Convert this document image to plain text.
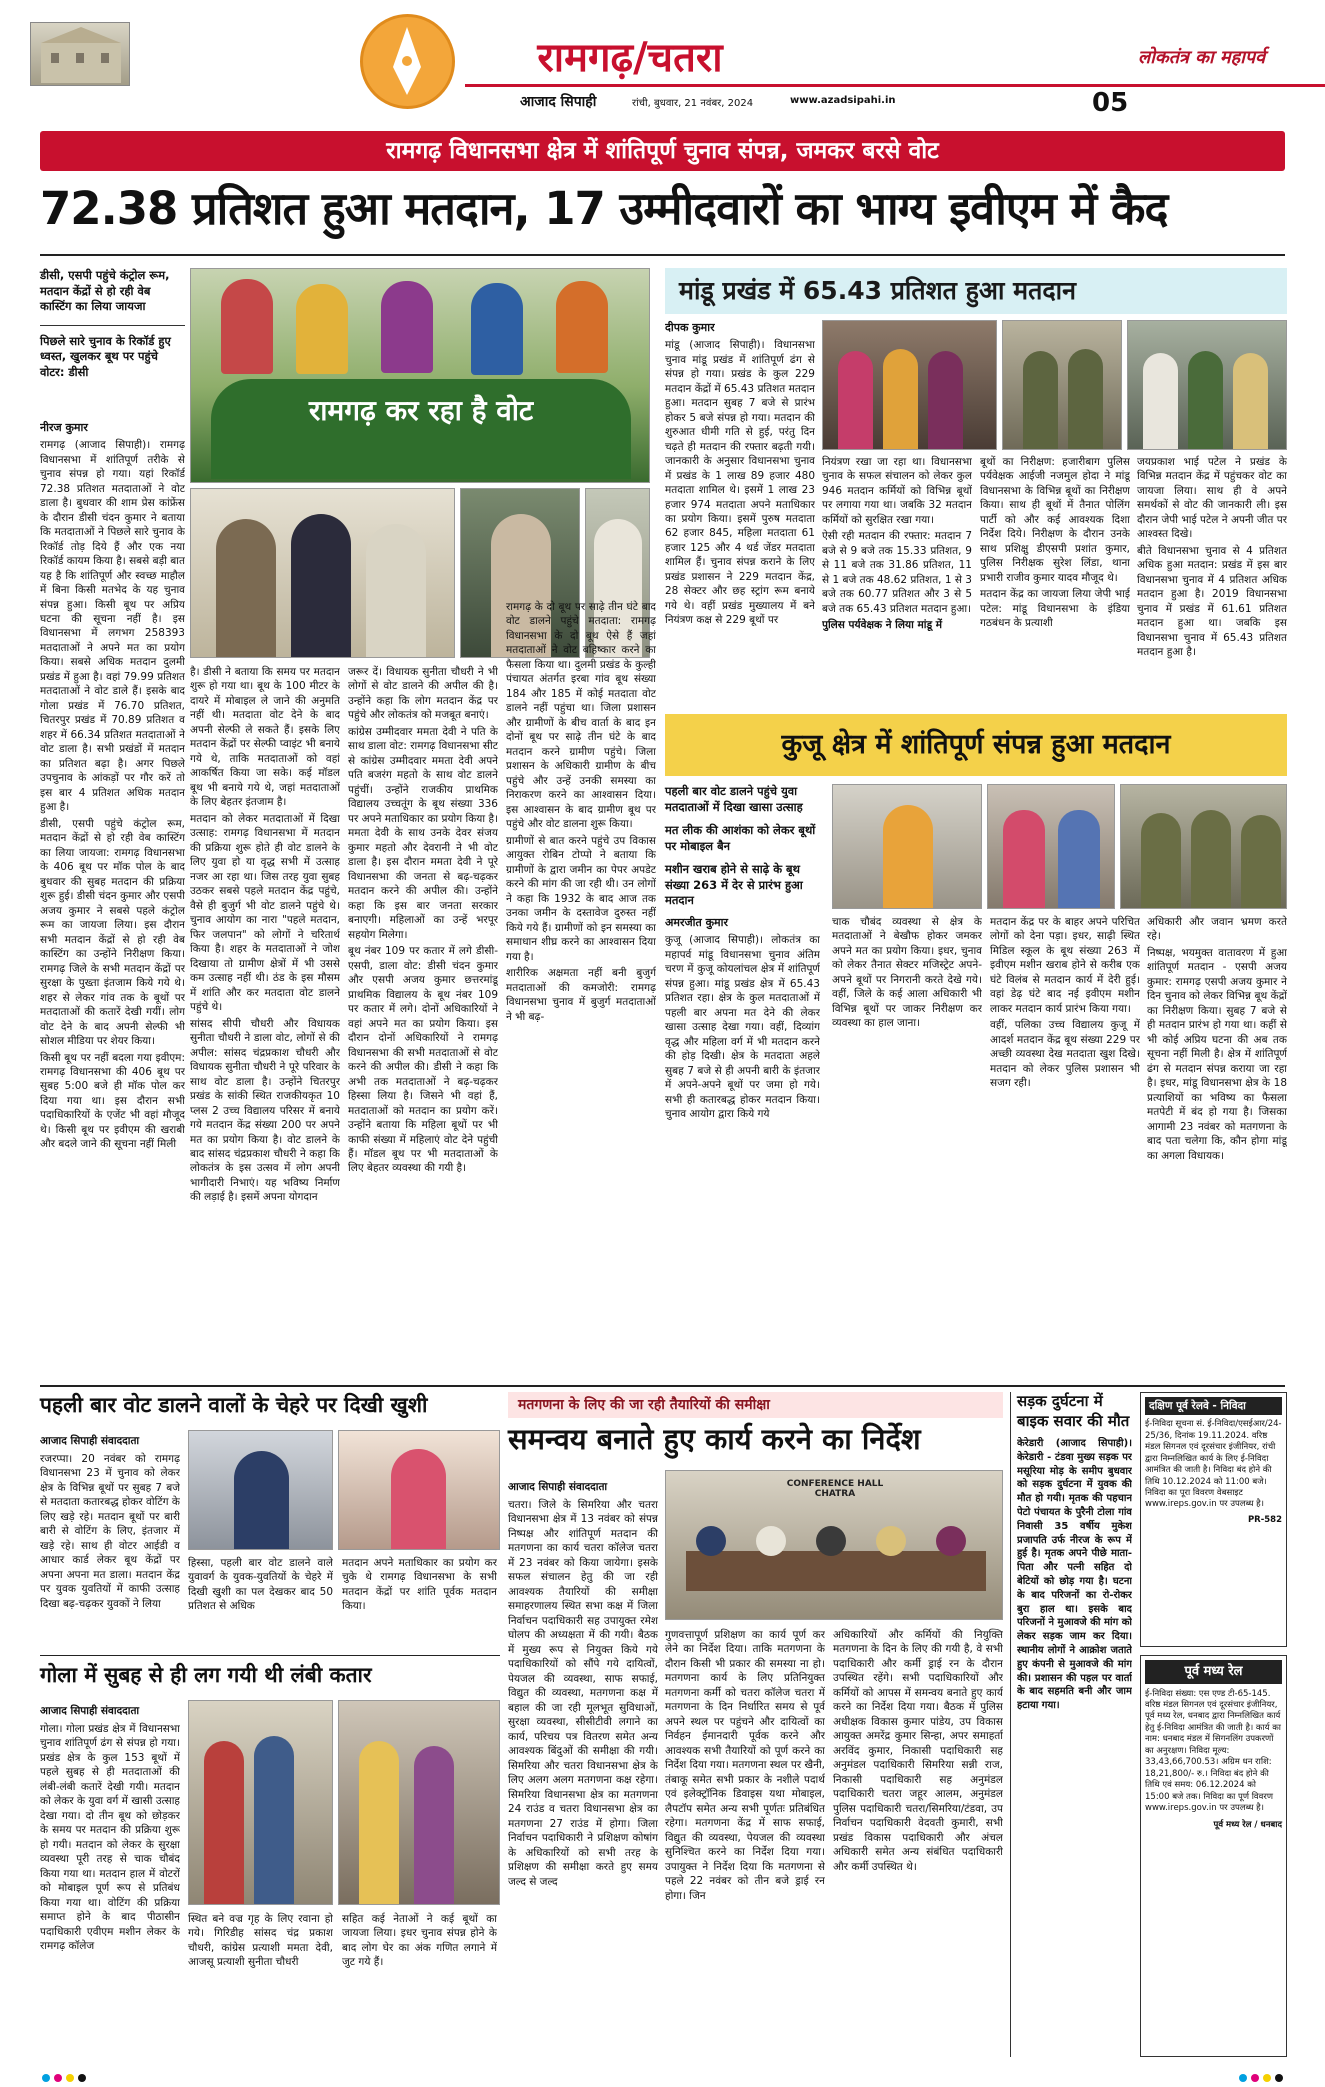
रामगढ़/चतरा
आजाद सिपाही	रांची, बुधवार, 21 नवंबर, 2024	www.azadsipahi.in	05
लोकतंत्र का महापर्व
रामगढ़ विधानसभा क्षेत्र में शांतिपूर्ण चुनाव संपन्न, जमकर बरसे वोट
72.38 प्रतिशत हुआ मतदान, 17 उम्मीदवारों का भाग्य इवीएम में कैद
डीसी, एसपी पहुंचे कंट्रोल रूम, मतदान केंद्रों से हो रही वेब कास्टिंग का लिया जायजा
पिछले सारे चुनाव के रिकॉर्ड हुए ध्वस्त, खुलकर बूथ पर पहुंचे वोटर: डीसी
नीरज कुमार

रामगढ़ (आजाद सिपाही)। रामगढ़ विधानसभा में शांतिपूर्ण तरीके से चुनाव संपन्न हो गया। यहां रिकॉर्ड 72.38 प्रतिशत मतदाताओं ने वोट डाला है। बुधवार की शाम प्रेस कांफ्रेंस के दौरान डीसी चंदन कुमार ने बताया कि मतदाताओं ने पिछले सारे चुनाव के रिकॉर्ड तोड़ दिये हैं और एक नया रिकॉर्ड कायम किया है। सबसे बड़ी बात यह है कि शांतिपूर्ण और स्वच्छ माहौल में बिना किसी मतभेद के यह चुनाव संपन्न हुआ। किसी बूथ पर अप्रिय घटना की सूचना नहीं है। इस विधानसभा में लगभग 258393 मतदाताओं ने अपने मत का प्रयोग किया। सबसे अधिक मतदान दुलमी प्रखंड में हुआ है। वहां 79.99 प्रतिशत मतदाताओं ने वोट डाले हैं। इसके बाद गोला प्रखंड में 76.70 प्रतिशत, चितरपुर प्रखंड में 70.89 प्रतिशत व शहर में 66.34 प्रतिशत मतदाताओं ने वोट डाला है। सभी प्रखंडों में मतदान का प्रतिशत बढ़ा है। अगर पिछले उपचुनाव के आंकड़ों पर गौर करें तो इस बार 4 प्रतिशत अधिक मतदान हुआ है।

डीसी, एसपी पहुंचे कंट्रोल रूम, मतदान केंद्रों से हो रही वेब कास्टिंग का लिया जायजा: रामगढ़ विधानसभा के 406 बूथ पर मॉक पोल के बाद बुधवार की सुबह मतदान की प्रक्रिया शुरू हुई। डीसी चंदन कुमार और एसपी अजय कुमार ने सबसे पहले कंट्रोल रूम का जायजा लिया। इस दौरान सभी मतदान केंद्रों से हो रही वेब कास्टिंग का उन्होंने निरीक्षण किया। रामगढ़ जिले के सभी मतदान केंद्रों पर सुरक्षा के पुख्ता इंतजाम किये गये थे। शहर से लेकर गांव तक के बूथों पर मतदाताओं की कतारें देखी गयीं। लोग वोट देने के बाद अपनी सेल्फी भी सोशल मीडिया पर शेयर किया।

किसी बूथ पर नहीं बदला गया इवीएम: रामगढ़ विधानसभा की 406 बूथ पर सुबह 5:00 बजे ही मॉक पोल कर दिया गया था। इस दौरान सभी पदाधिकारियों के एजेंट भी वहां मौजूद थे। किसी बूथ पर इवीएम की खराबी और बदले जाने की सूचना नहीं मिली

रामगढ़ कर रहा है वोट

है। डीसी ने बताया कि समय पर मतदान शुरू हो गया था। बूथ के 100 मीटर के दायरे में मोबाइल ले जाने की अनुमति नहीं थी। मतदाता वोट देने के बाद अपनी सेल्फी ले सकते हैं। इसके लिए मतदान केंद्रों पर सेल्फी प्वाइंट भी बनाये गये थे, ताकि मतदाताओं को वहां आकर्षित किया जा सके। कई मॉडल बूथ भी बनाये गये थे, जहां मतदाताओं के लिए बेहतर इंतजाम है।

मतदान को लेकर मतदाताओं में दिखा उत्साह: रामगढ़ विधानसभा में मतदान की प्रक्रिया शुरू होते ही वोट डालने के लिए युवा हो या वृद्ध सभी में उत्साह नजर आ रहा था। जिस तरह युवा सुबह उठकर सबसे पहले मतदान केंद्र पहुंचे, वैसे ही बुजुर्ग भी वोट डालने पहुंचे थे। चुनाव आयोग का नारा "पहले मतदान, फिर जलपान" को लोगों ने चरितार्थ किया है। शहर के मतदाताओं ने जोश दिखाया तो ग्रामीण क्षेत्रों में भी उससे कम उत्साह नहीं थी। ठंड के इस मौसम में शांति और कर मतदाता वोट डालने पहुंचे थे।

सांसद सीपी चौधरी और विधायक सुनीता चौधरी ने डाला वोट, लोगों से की अपील: सांसद चंद्रप्रकाश चौधरी और विधायक सुनीता चौधरी ने पूरे परिवार के साथ वोट डाला है। उन्होंने चितरपुर प्रखंड के सांकी स्थित राजकीयकृत 10 प्लस 2 उच्च विद्यालय परिसर में बनाये गये मतदान केंद्र संख्या 200 पर अपने मत का प्रयोग किया है। वोट डालने के बाद सांसद चंद्रप्रकाश चौधरी ने कहा कि लोकतंत्र के इस उत्सव में लोग अपनी भागीदारी निभाएं। यह भविष्य निर्माण की लड़ाई है। इसमें अपना योगदान

जरूर दें। विधायक सुनीता चौधरी ने भी लोगों से वोट डालने की अपील की है। उन्होंने कहा कि लोग मतदान केंद्र पर पहुंचे और लोकतंत्र को मजबूत बनाएं।

कांग्रेस उम्मीदवार ममता देवी ने पति के साथ डाला वोट: रामगढ़ विधानसभा सीट से कांग्रेस उम्मीदवार ममता देवी अपने पति बजरंग महतो के साथ वोट डालने पहुंचीं। उन्होंने राजकीय प्राथमिक विद्यालय उच्चतूंग के बूथ संख्या 336 पर अपने मताधिकार का प्रयोग किया है। ममता देवी के साथ उनके देवर संजय कुमार महतो और देवरानी ने भी वोट डाला है। इस दौरान ममता देवी ने पूरे विधानसभा की जनता से बढ़-चढ़कर मतदान करने की अपील की। उन्होंने कहा कि इस बार जनता सरकार बनाएगी। महिलाओं का उन्हें भरपूर सहयोग मिलेगा।

बूथ नंबर 109 पर कतार में लगे डीसी-एसपी, डाला वोट: डीसी चंदन कुमार और एसपी अजय कुमार छत्तरमांडू प्राथमिक विद्यालय के बूथ नंबर 109 पर कतार में लगे। दोनों अधिकारियों ने वहां अपने मत का प्रयोग किया। इस दौरान दोनों अधिकारियों ने रामगढ़ विधानसभा की सभी मतदाताओं से वोट करने की अपील की। डीसी ने कहा कि अभी तक मतदाताओं ने बढ़-चढ़कर हिस्सा लिया है। जिसने भी वहां हैं, मतदाताओं को मतदान का प्रयोग करें। उन्होंने बताया कि महिला बूथों पर भी काफी संख्या में महिलाएं वोट देने पहुंची हैं। मॉडल बूथ पर भी मतदाताओं के लिए बेहतर व्यवस्था की गयी है।

रामगढ़ के दो बूथ पर साढ़े तीन घंटे बाद वोट डालने पहुंचे मतदाता: रामगढ़ विधानसभा के दो बूथ ऐसे हैं जहां मतदाताओं ने वोट बहिष्कार करने का फैसला किया था। दुलमी प्रखंड के कुल्ही पंचायत अंतर्गत इरबा गांव बूथ संख्या 184 और 185 में कोई मतदाता वोट डालने नहीं पहुंचा था। जिला प्रशासन और ग्रामीणों के बीच वार्ता के बाद इन दोनों बूथ पर साढ़े तीन घंटे के बाद मतदान करने ग्रामीण पहुंचे। जिला प्रशासन के अधिकारी ग्रामीण के बीच पहुंचे और उन्हें उनकी समस्या का निराकरण करने का आश्वासन दिया। इस आश्वासन के बाद ग्रामीण बूथ पर पहुंचे और वोट डालना शुरू किया।

ग्रामीणों से बात करने पहुंचे उप विकास आयुक्त रोबिन टोप्पो ने बताया कि ग्रामीणों के द्वारा जमीन का पेपर अपडेट करने की मांग की जा रही थी। उन लोगों ने कहा कि 1932 के बाद आज तक उनका जमीन के दस्तावेज दुरुस्त नहीं किये गये हैं। ग्रामीणों को इन समस्या का समाधान शीघ्र करने का आश्वासन दिया गया है।

शारीरिक अक्षमता नहीं बनी बुजुर्ग मतदाताओं की कमजोरी: रामगढ़ विधानसभा चुनाव में बुजुर्ग मतदाताओं ने भी बढ़-

मांडू प्रखंड में 65.43 प्रतिशत हुआ मतदान
दीपक कुमार

मांडू (आजाद सिपाही)। विधानसभा चुनाव मांडू प्रखंड में शांतिपूर्ण ढंग से संपन्न हो गया। प्रखंड के कुल 229 मतदान केंद्रों में 65.43 प्रतिशत मतदान हुआ। मतदान सुबह 7 बजे से प्रारंभ होकर 5 बजे संपन्न हो गया। मतदान की शुरुआत धीमी गति से हुई, परंतु दिन चढ़ते ही मतदान की रफ्तार बढ़ती गयी। जानकारी के अनुसार विधानसभा चुनाव में प्रखंड के 1 लाख 89 हजार 480 मतदाता शामिल थे। इसमें 1 लाख 23 हजार 974 मतदाता अपने मताधिकार का प्रयोग किया। इसमें पुरुष मतदाता 62 हजार 845, महिला मतदाता 61 हजार 125 और 4 थर्ड जेंडर मतदाता शामिल हैं। चुनाव संपन्न कराने के लिए प्रखंड प्रशासन ने 229 मतदान केंद्र, 28 सेक्टर और छह स्ट्रांग रूम बनाये गये थे। वहीं प्रखंड मुख्यालय में बने नियंत्रण कक्ष से 229 बूथों पर

नियंत्रण रखा जा रहा था। विधानसभा चुनाव के सफल संचालन को लेकर कुल 946 मतदान कर्मियों को विभिन्न बूथों पर लगाया गया था। जबकि 32 मतदान कर्मियों को सुरक्षित रखा गया।

ऐसी रही मतदान की रफ्तार: मतदान 7 बजे से 9 बजे तक 15.33 प्रतिशत, 9 से 11 बजे तक 31.86 प्रतिशत, 11 से 1 बजे तक 48.62 प्रतिशत, 1 से 3 बजे तक 60.77 प्रतिशत और 3 से 5 बजे तक 65.43 प्रतिशत मतदान हुआ।

पुलिस पर्यवेक्षक ने लिया मांडू में

बूथों का निरीक्षण: हजारीबाग पुलिस पर्यवेक्षक आईजी नजमुल होदा ने मांडू विधानसभा के विभिन्न बूथों का निरीक्षण किया। साथ ही बूथों में तैनात पोलिंग पार्टी को और कई आवश्यक दिशा निर्देश दिये। निरीक्षण के दौरान उनके साथ प्रशिक्षु डीएसपी प्रशांत कुमार, पुलिस निरीक्षक सुरेश लिंडा, थाना प्रभारी राजीव कुमार यादव मौजूद थे।

मतदान केंद्र का जायजा लिया जेपी भाई पटेल: मांडू विधानसभा के इंडिया गठबंधन के प्रत्याशी

जयप्रकाश भाई पटेल ने प्रखंड के विभिन्न मतदान केंद्र में पहुंचकर वोट का जायजा लिया। साथ ही वे अपने समर्थकों से वोट की जानकारी ली। इस दौरान जेपी भाई पटेल ने अपनी जीत पर आश्वस्त दिखे।

बीते विधानसभा चुनाव से 4 प्रतिशत अधिक हुआ मतदान: प्रखंड में इस बार विधानसभा चुनाव में 4 प्रतिशत अधिक मतदान हुआ है। 2019 विधानसभा चुनाव में प्रखंड में 61.61 प्रतिशत मतदान हुआ था। जबकि इस विधानसभा चुनाव में 65.43 प्रतिशत मतदान हुआ है।

कुजू क्षेत्र में शांतिपूर्ण संपन्न हुआ मतदान
पहली बार वोट डालने पहुंचे युवा मतदाताओं में दिखा खासा उत्साह
मत लीक की आशंका को लेकर बूथों पर मोबाइल बैन
मशीन खराब होने से साढ़े के बूथ संख्या 263 में देर से प्रारंभ हुआ मतदान
अमरजीत कुमार

कुजू (आजाद सिपाही)। लोकतंत्र का महापर्व मांडू विधानसभा चुनाव अंतिम चरण में कुजू कोयलांचल क्षेत्र में शांतिपूर्ण संपन्न हुआ। मांडू प्रखंड क्षेत्र में 65.43 प्रतिशत रहा। क्षेत्र के कुल मतदाताओं में पहली बार अपना मत देने की लेकर खासा उत्साह देखा गया। वहीं, दिव्यांग वृद्ध और महिला वर्ग में भी मतदान करने की होड़ दिखी। क्षेत्र के मतदाता अहले सुबह 7 बजे से ही अपनी बारी के इंतजार में अपने-अपने बूथों पर जमा हो गये। सभी ही कतारबद्ध होकर मतदान किया। चुनाव आयोग द्वारा किये गये

चाक चौबंद व्यवस्था से क्षेत्र के मतदाताओं ने बेखौफ होकर जमकर अपने मत का प्रयोग किया। इधर, चुनाव को लेकर तैनात सेक्टर मजिस्ट्रेट अपने-अपने बूथों पर निगरानी करते देखे गये। वहीं, जिले के कई आला अधिकारी भी विभिन्न बूथों पर जाकर निरीक्षण कर व्यवस्था का हाल जाना।

मतदान केंद्र पर के बाहर अपने परिचित लोगों को देना पड़ा। इधर, साढ़ी स्थित मिडिल स्कूल के बूथ संख्या 263 में इवीएम मशीन खराब होने से करीब एक घंटे विलंब से मतदान कार्य में देरी हुई। वहां डेढ़ घंटे बाद नई इवीएम मशीन लाकर मतदान कार्य प्रारंभ किया गया।

वहीं, पलिका उच्च विद्यालय कुजू में आदर्श मतदान केंद्र बूथ संख्या 229 पर अच्छी व्यवस्था देख मतदाता खुश दिखे। मतदान को लेकर पुलिस प्रशासन भी सजग रही।

अधिकारी और जवान भ्रमण करते रहे।

निष्पक्ष, भयमुक्त वातावरण में हुआ शांतिपूर्ण मतदान - एसपी अजय कुमार: रामगढ़ एसपी अजय कुमार ने दिन चुनाव को लेकर विभिन्न बूथ केंद्रों का निरीक्षण किया। सुबह 7 बजे से ही मतदान प्रारंभ हो गया था। कहीं से भी कोई अप्रिय घटना की अब तक सूचना नहीं मिली है। क्षेत्र में शांतिपूर्ण ढंग से मतदान संपन्न कराया जा रहा है। इधर, मांडू विधानसभा क्षेत्र के 18 प्रत्याशियों का भविष्य का फैसला मतपेटी में बंद हो गया है। जिसका आगामी 23 नवंबर को मतगणना के बाद पता चलेगा कि, कौन होगा मांडू का अगला विधायक।

पहली बार वोट डालने वालों के चेहरे पर दिखी खुशी
आजाद सिपाही संवाददाता

रजरप्पा। 20 नवंबर को रामगढ़ विधानसभा 23 में चुनाव को लेकर क्षेत्र के विभिन्न बूथों पर सुबह 7 बजे से मतदाता कतारबद्ध होकर वोटिंग के लिए खड़े रहे। मतदान बूथों पर बारी बारी से वोटिंग के लिए, इंतजार में खड़े रहे। साथ ही वोटर आईडी व आधार कार्ड लेकर बूथ केंद्रों पर अपना अपना मत डाला। मतदान केंद्र पर युवक युवतियों में काफी उत्साह दिखा बढ़-चढ़कर युवकों ने लिया

हिस्सा, पहली बार वोट डालने वाले युवावर्ग के युवक-युवतियों के चेहरे में दिखी खुशी का पल देखकर बाद 50 प्रतिशत से अधिक

मतदान अपने मताधिकार का प्रयोग कर चुके थे रामगढ़ विधानसभा के सभी मतदान केंद्रों पर शांति पूर्वक मतदान किया।

गोला में सुबह से ही लग गयी थी लंबी कतार
आजाद सिपाही संवाददाता

गोला। गोला प्रखंड क्षेत्र में विधानसभा चुनाव शांतिपूर्ण ढंग से संपन्न हो गया। प्रखंड क्षेत्र के कुल 153 बूथों में पहले सुबह से ही मतदाताओं की लंबी-लंबी कतारें देखी गयी। मतदान को लेकर के युवा वर्ग में खासी उत्साह देखा गया। दो तीन बूथ को छोड़कर के समय पर मतदान की प्रक्रिया शुरू हो गयी। मतदान को लेकर के सुरक्षा व्यवस्था पूरी तरह से चाक चौबंद किया गया था। मतदान हाल में वोटरों को मोबाइल पूर्ण रूप से प्रतिबंध किया गया था। वोटिंग की प्रक्रिया समाप्त होने के बाद पीठासीन पदाधिकारी एवीएम मशीन लेकर के रामगढ़ कॉलेज

स्थित बने वज्र गृह के लिए रवाना हो गये। गिरिडीह सांसद चंद्र प्रकाश चौधरी, कांग्रेस प्रत्याशी ममता देवी, आजसू प्रत्याशी सुनीता चौधरी

सहित कई नेताओं ने कई बूथों का जायजा लिया। इधर चुनाव संपन्न होने के बाद लोग घेर का अंक गणित लगाने में जुट गये हैं।

मतगणना के लिए की जा रही तैयारियों की समीक्षा
समन्वय बनाते हुए कार्य करने का निर्देश
आजाद सिपाही संवाददाता

चतरा। जिले के सिमरिया और चतरा विधानसभा क्षेत्र में 13 नवंबर को संपन्न निष्पक्ष और शांतिपूर्ण मतदान की मतगणना का कार्य चतरा कॉलेज चतरा में 23 नवंबर को किया जायेगा। इसके सफल संचालन हेतु की जा रही आवश्यक तैयारियों की समीक्षा समाहरणालय स्थित सभा कक्ष में जिला निर्वाचन पदाधिकारी सह उपायुक्त रमेश घोलप की अध्यक्षता में की गयी। बैठक में मुख्य रूप से नियुक्त किये गये पदाधिकारियों को सौंपे गये दायित्वों, पेयजल की व्यवस्था, साफ सफाई, विद्युत की व्यवस्था, मतगणना कक्ष में बहाल की जा रही मूलभूत सुविधाओं, सुरक्षा व्यवस्था, सीसीटीवी लगाने का कार्य, परिचय पत्र वितरण समेत अन्य आवश्यक बिंदुओं की समीक्षा की गयी। सिमरिया और चतरा विधानसभा क्षेत्र के लिए अलग अलग मतगणना कक्ष रहेगा। सिमरिया विधानसभा क्षेत्र का मतगणना 24 राउंड व चतरा विधानसभा क्षेत्र का मतगणना 27 राउंड में होगा। जिला निर्वाचन पदाधिकारी ने प्रशिक्षण कोषांग के अधिकारियों को सभी तरह के प्रशिक्षण की समीक्षा करते हुए समय जल्द से जल्द

CONFERENCE HALL CHATRA

गुणवत्तापूर्ण प्रशिक्षण का कार्य पूर्ण कर लेने का निर्देश दिया। ताकि मतगणना के दौरान किसी भी प्रकार की समस्या ना हो। मतगणना कार्य के लिए प्रतिनियुक्त मतगणना कर्मी को चतरा कॉलेज चतरा में मतगणना के दिन निर्धारित समय से पूर्व अपने स्थल पर पहुंचने और दायित्वों का निर्वहन ईमानदारी पूर्वक करने और आवश्यक सभी तैयारियों को पूर्ण करने का निर्देश दिया गया। मतगणना स्थल पर खैनी, तंबाकू समेत सभी प्रकार के नशीले पदार्थ एवं इलेक्ट्रॉनिक डिवाइस यथा मोबाइल, लैपटॉप समेत अन्य सभी पूर्णतः प्रतिबंधित रहेगा। मतगणना केंद्र में साफ सफाई, विद्युत की व्यवस्था, पेयजल की व्यवस्था सुनिश्चित करने का निर्देश दिया गया। उपायुक्त ने निर्देश दिया कि मतगणना से पहले 22 नवंबर को तीन बजे ड्राई रन होगा। जिन

अधिकारियों और कर्मियों की नियुक्ति मतगणना के दिन के लिए की गयी है, वे सभी पदाधिकारी और कर्मी ड्राई रन के दौरान उपस्थित रहेंगे। सभी पदाधिकारियों और कर्मियों को आपस में समन्वय बनाते हुए कार्य करने का निर्देश दिया गया। बैठक में पुलिस अधीक्षक विकास कुमार पांडेय, उप विकास आयुक्त अमरेंद्र कुमार सिन्हा, अपर समाहर्ता अरविंद कुमार, निकासी पदाधिकारी सह अनुमंडल पदाधिकारी सिमरिया सन्नी राज, निकासी पदाधिकारी सह अनुमंडल पदाधिकारी चतरा जहूर आलम, अनुमंडल पुलिस पदाधिकारी चतरा/सिमरिया/टंडवा, उप निर्वाचन पदाधिकारी वेदवती कुमारी, सभी प्रखंड विकास पदाधिकारी और अंचल अधिकारी समेत अन्य संबंधित पदाधिकारी और कर्मी उपस्थित थे।

सड़क दुर्घटना में बाइक सवार की मौत
केरेडारी (आजाद सिपाही)। केरेडारी - टंडवा मुख्य सड़क पर मसूरिया मोड़ के समीप बुधवार को सड़क दुर्घटना में युवक की मौत हो गयी। मृतक की पहचान पेटो पंचायत के पुरैनी टोला गांव निवासी 35 वर्षीय मुकेश प्रजापति उर्फ नीरज के रूप में हुई है। मृतक अपने पीछे माता-पिता और पत्नी सहित दो बेटियों को छोड़ गया है। घटना के बाद परिजनों का रो-रोकर बुरा हाल था। इसके बाद परिजनों ने मुआवजे की मांग को लेकर सड़क जाम कर दिया। स्थानीय लोगों ने आक्रोश जताते हुए कंपनी से मुआवजे की मांग की। प्रशासन की पहल पर वार्ता के बाद सहमति बनी और जाम हटाया गया।
दक्षिण पूर्व रेलवे - निविदा
ई-निविदा सूचना सं. ई-निविदा/एसईआर/24-25/36, दिनांक 19.11.2024. वरिष्ठ मंडल सिगनल एवं दूरसंचार इंजीनियर, रांची द्वारा निम्नलिखित कार्य के लिए ई-निविदा आमंत्रित की जाती है। निविदा बंद होने की तिथि 10.12.2024 को 11:00 बजे। निविदा का पूरा विवरण वेबसाइट www.ireps.gov.in पर उपलब्ध है।
PR-582
पूर्व मध्य रेल
ई-निविदा संख्या: एस एण्ड टी-65-145. वरिष्ठ मंडल सिगनल एवं दूरसंचार इंजीनियर, पूर्व मध्य रेल, धनबाद द्वारा निम्नलिखित कार्य हेतु ई-निविदा आमंत्रित की जाती है। कार्य का नाम: धनबाद मंडल में सिगनलिंग उपकरणों का अनुरक्षण। निविदा मूल्य: 33,43,66,700.53। अग्रिम धन राशि: 18,21,800/- रु.। निविदा बंद होने की तिथि एवं समय: 06.12.2024 को 15:00 बजे तक। निविदा का पूर्ण विवरण www.ireps.gov.in पर उपलब्ध है।
पूर्व मध्य रेल / धनबाद
